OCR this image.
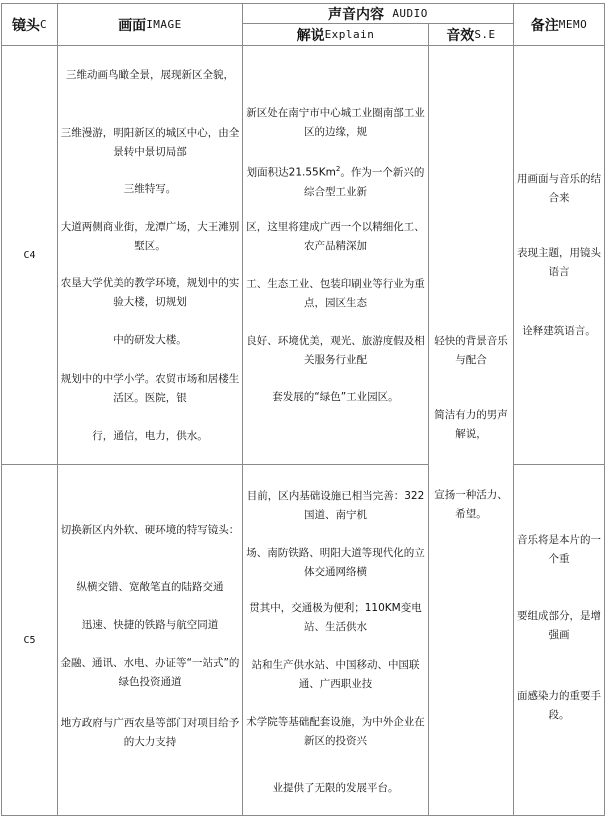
镜头 C	画面 IMAGE
声音内容
AUDIO
解说 Explain	音效 S.E
备注 MEMO
C4
三维动画鸟瞰全景，展现新区全貌，
三维漫游，明阳新区的城区中心，由全景转中景切局部
三维特写。
大道两侧商业街，龙潭广场，大王滩别墅区。
农垦大学优美的教学环境，规划中的实验大楼，切规划
中的研发大楼。
规划中的中学小学。农贸市场和居楼生活区。医院，银
行，通信，电力，供水。
新区处在南宁市中心城工业圈南部工业区的边缘，规
划面积达21.55Km$^2$。作为一个新兴的综合型工业新
区，这里将建成广西一个以精细化工、农产品精深加
工、生态工业、包装印刷业等行业为重点，园区生态
良好、环境优美，观光、旅游度假及相关服务行业配
套发展的“绿色”工业园区。
用画面与音乐的结合来
表现主题，用镜头语言
诠释建筑语言。
C5
切换新区内外软、硬环境的特写镜头：
纵横交错、宽敞笔直的陆路交通
迅速、快捷的铁路与航空同道
金融、通讯、水电、办证等“一站式”的绿色投资通道
地方政府与广西农垦等部门对项目给予的大力支持
目前，区内基础设施已相当完善：322国道、南宁机
场、南防铁路、明阳大道等现代化的立体交通网络横
贯其中，交通极为便利；110KM变电站、生活供水
站和生产供水站、中国移动、中国联通、广西职业技
术学院等基础配套设施，为中外企业在新区的投资兴
业提供了无限的发展平台。
音乐将是本片的一个重
要组成部分，是增强画
面感染力的重要手段。
轻快的背景音乐与配合
简洁有力的男声解说，
宣扬一种活力、希望。
